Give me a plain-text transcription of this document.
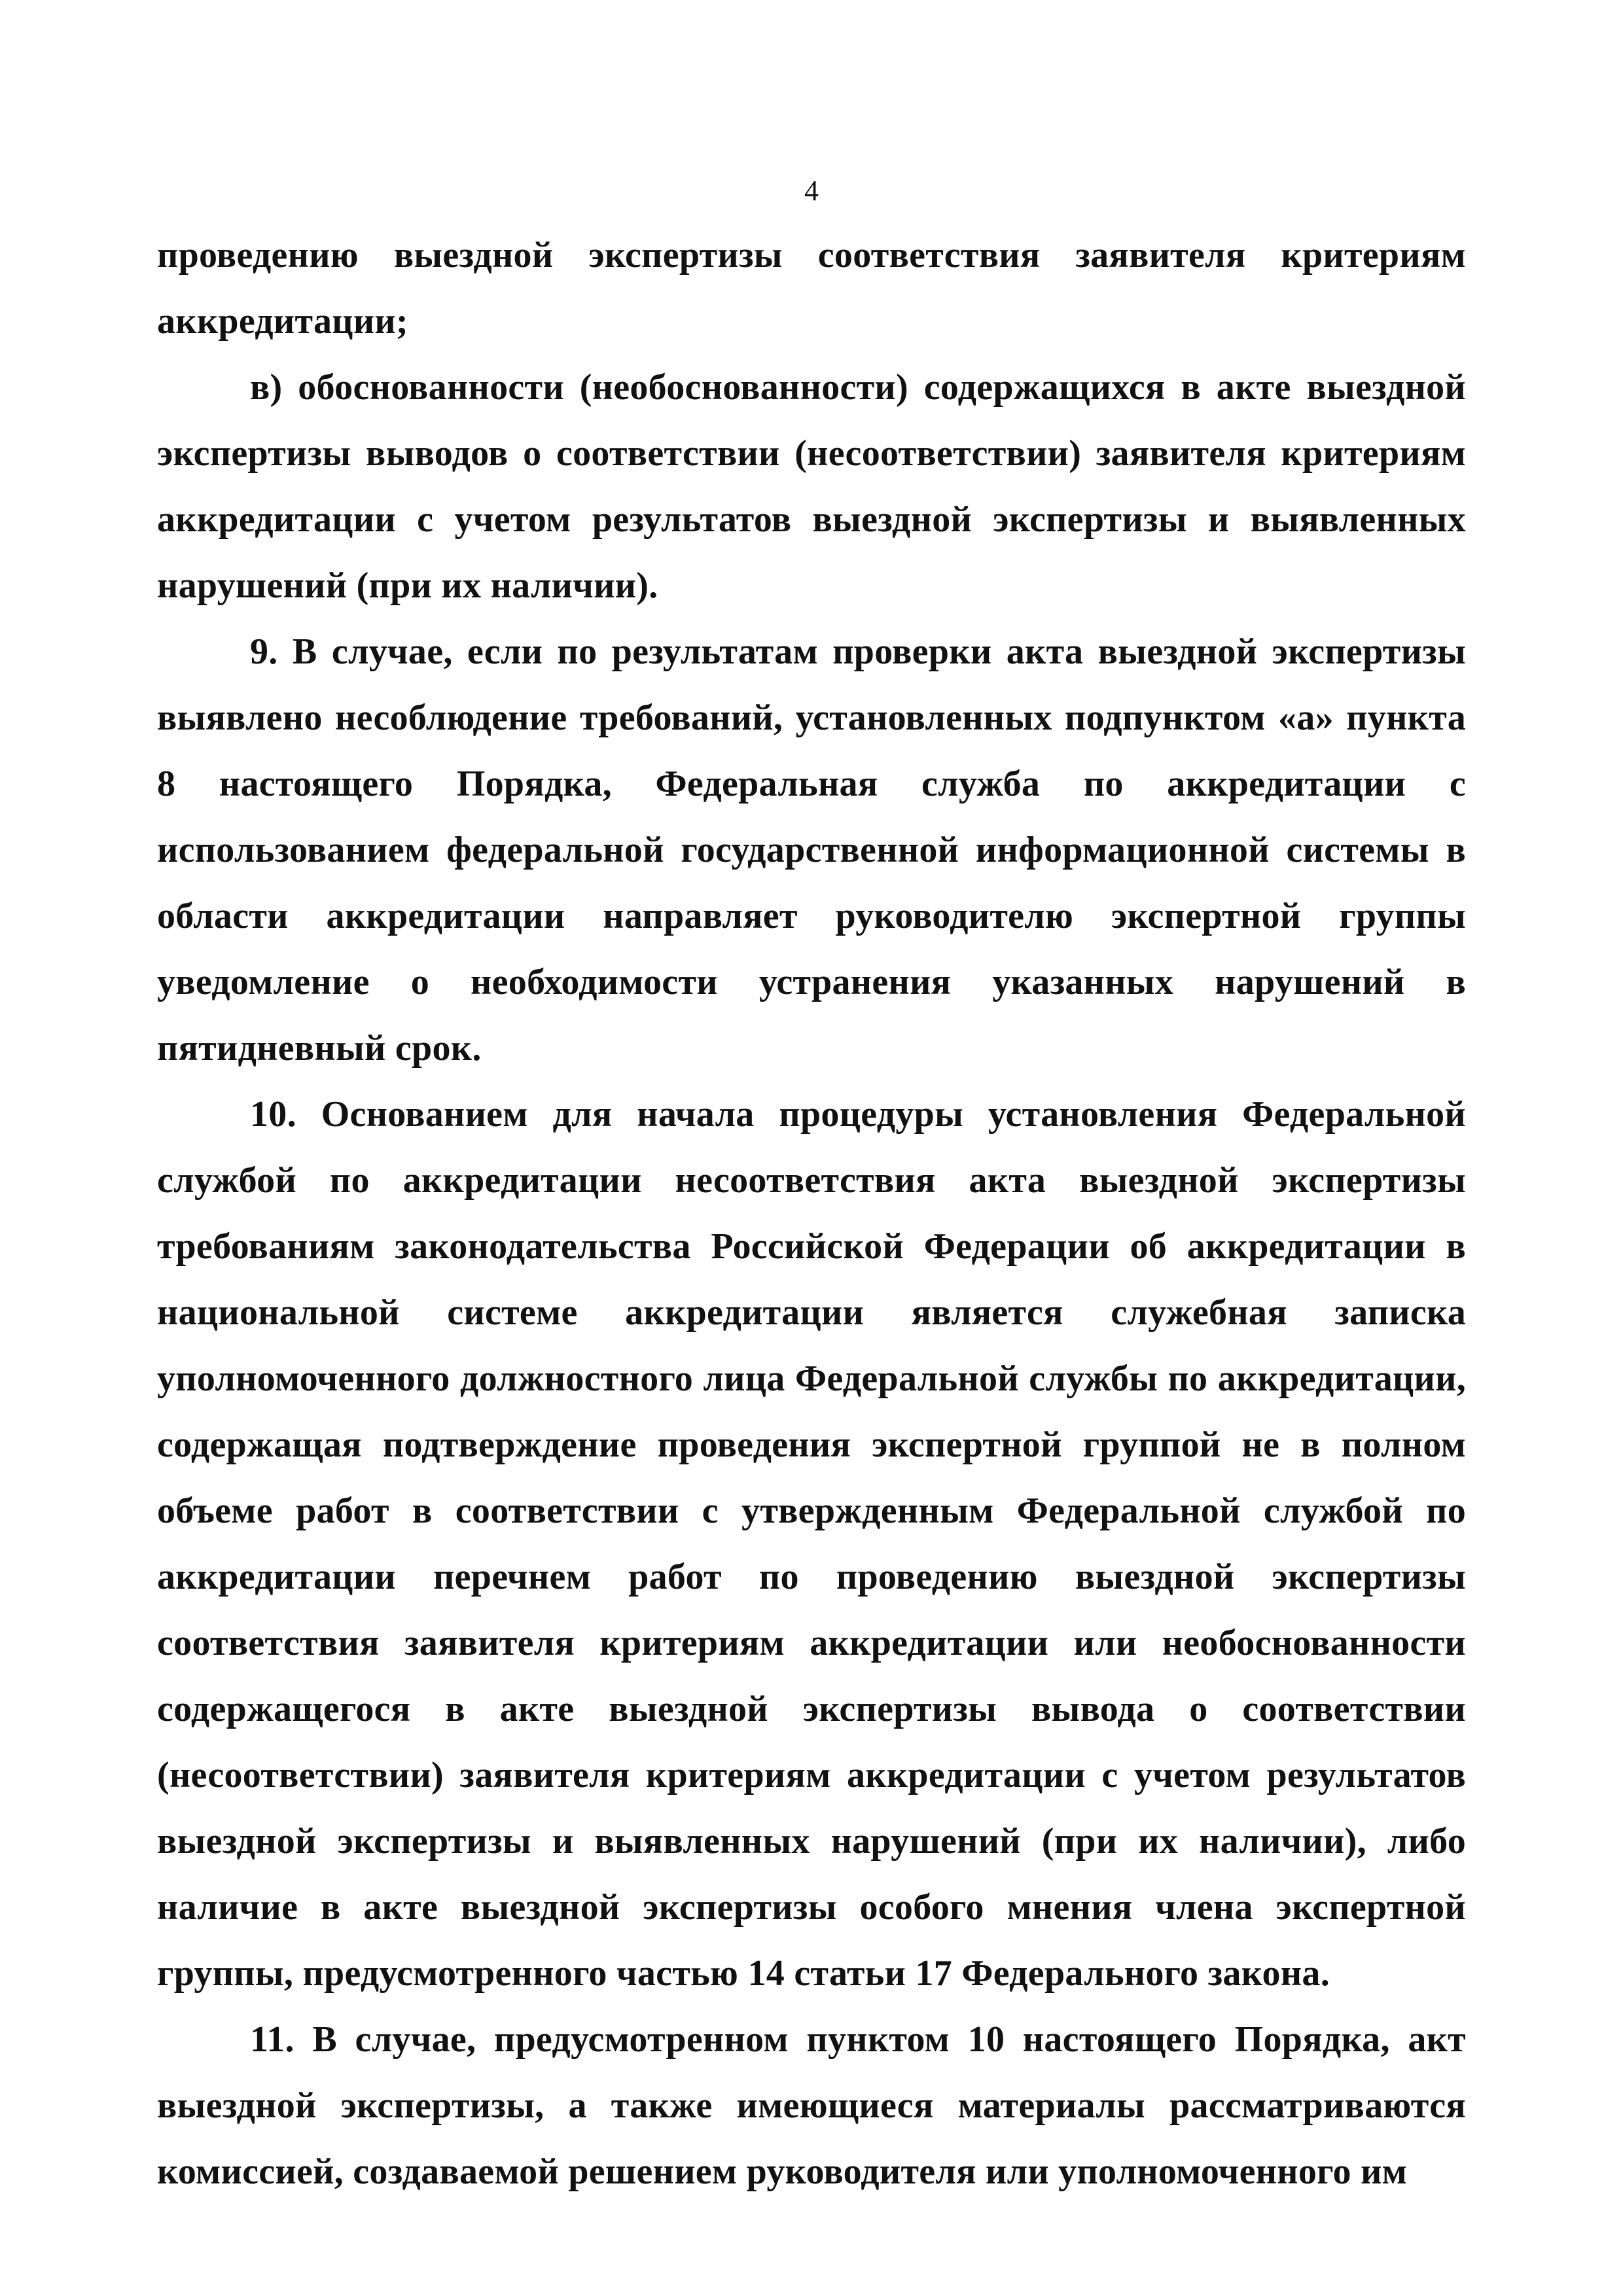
4

проведению выездной экспертизы соответствия заявителя критериям аккредитации;

в) обоснованности (необоснованности) содержащихся в акте выездной экспертизы выводов о соответствии (несоответствии) заявителя критериям аккредитации с учетом результатов выездной экспертизы и выявленных нарушений (при их наличии).

9. В случае, если по результатам проверки акта выездной экспертизы выявлено несоблюдение требований, установленных подпунктом «а» пункта 8 настоящего Порядка, Федеральная служба по аккредитации с использованием федеральной государственной информационной системы в области аккредитации направляет руководителю экспертной группы уведомление о необходимости устранения указанных нарушений в пятидневный срок.

10. Основанием для начала процедуры установления Федеральной службой по аккредитации несоответствия акта выездной экспертизы требованиям законодательства Российской Федерации об аккредитации в национальной системе аккредитации является служебная записка уполномоченного должностного лица Федеральной службы по аккредитации, содержащая подтверждение проведения экспертной группой не в полном объеме работ в соответствии с утвержденным Федеральной службой по аккредитации перечнем работ по проведению выездной экспертизы соответствия заявителя критериям аккредитации или необоснованности содержащегося в акте выездной экспертизы вывода о соответствии (несоответствии) заявителя критериям аккредитации с учетом результатов выездной экспертизы и выявленных нарушений (при их наличии), либо наличие в акте выездной экспертизы особого мнения члена экспертной группы, предусмотренного частью 14 статьи 17 Федерального закона.

11. В случае, предусмотренном пунктом 10 настоящего Порядка, акт выездной экспертизы, а также имеющиеся материалы рассматриваются комиссией, создаваемой решением руководителя или уполномоченного им
